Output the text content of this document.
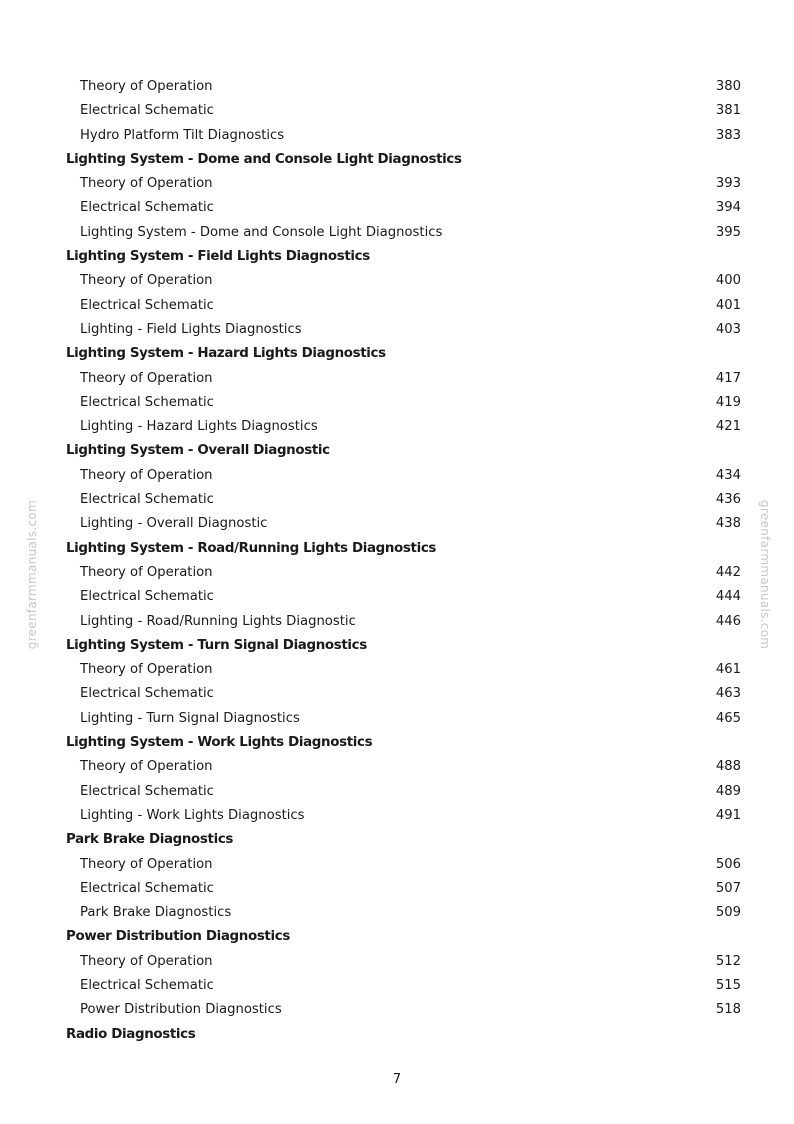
greenfarmmanuals.com	greenfarmmanuals.com
Theory of Operation	380
Electrical Schematic	381
Hydro Platform Tilt Diagnostics	383
Lighting System - Dome and Console Light Diagnostics
Theory of Operation	393
Electrical Schematic	394
Lighting System - Dome and Console Light Diagnostics	395
Lighting System - Field Lights Diagnostics
Theory of Operation	400
Electrical Schematic	401
Lighting - Field Lights Diagnostics	403
Lighting System - Hazard Lights Diagnostics
Theory of Operation	417
Electrical Schematic	419
Lighting - Hazard Lights Diagnostics	421
Lighting System - Overall Diagnostic
Theory of Operation	434
Electrical Schematic	436
Lighting - Overall Diagnostic	438
Lighting System - Road/Running Lights Diagnostics
Theory of Operation	442
Electrical Schematic	444
Lighting - Road/Running Lights Diagnostic	446
Lighting System - Turn Signal Diagnostics
Theory of Operation	461
Electrical Schematic	463
Lighting - Turn Signal Diagnostics	465
Lighting System - Work Lights Diagnostics
Theory of Operation	488
Electrical Schematic	489
Lighting - Work Lights Diagnostics	491
Park Brake Diagnostics
Theory of Operation	506
Electrical Schematic	507
Park Brake Diagnostics	509
Power Distribution Diagnostics
Theory of Operation	512
Electrical Schematic	515
Power Distribution Diagnostics	518
Radio Diagnostics
7
